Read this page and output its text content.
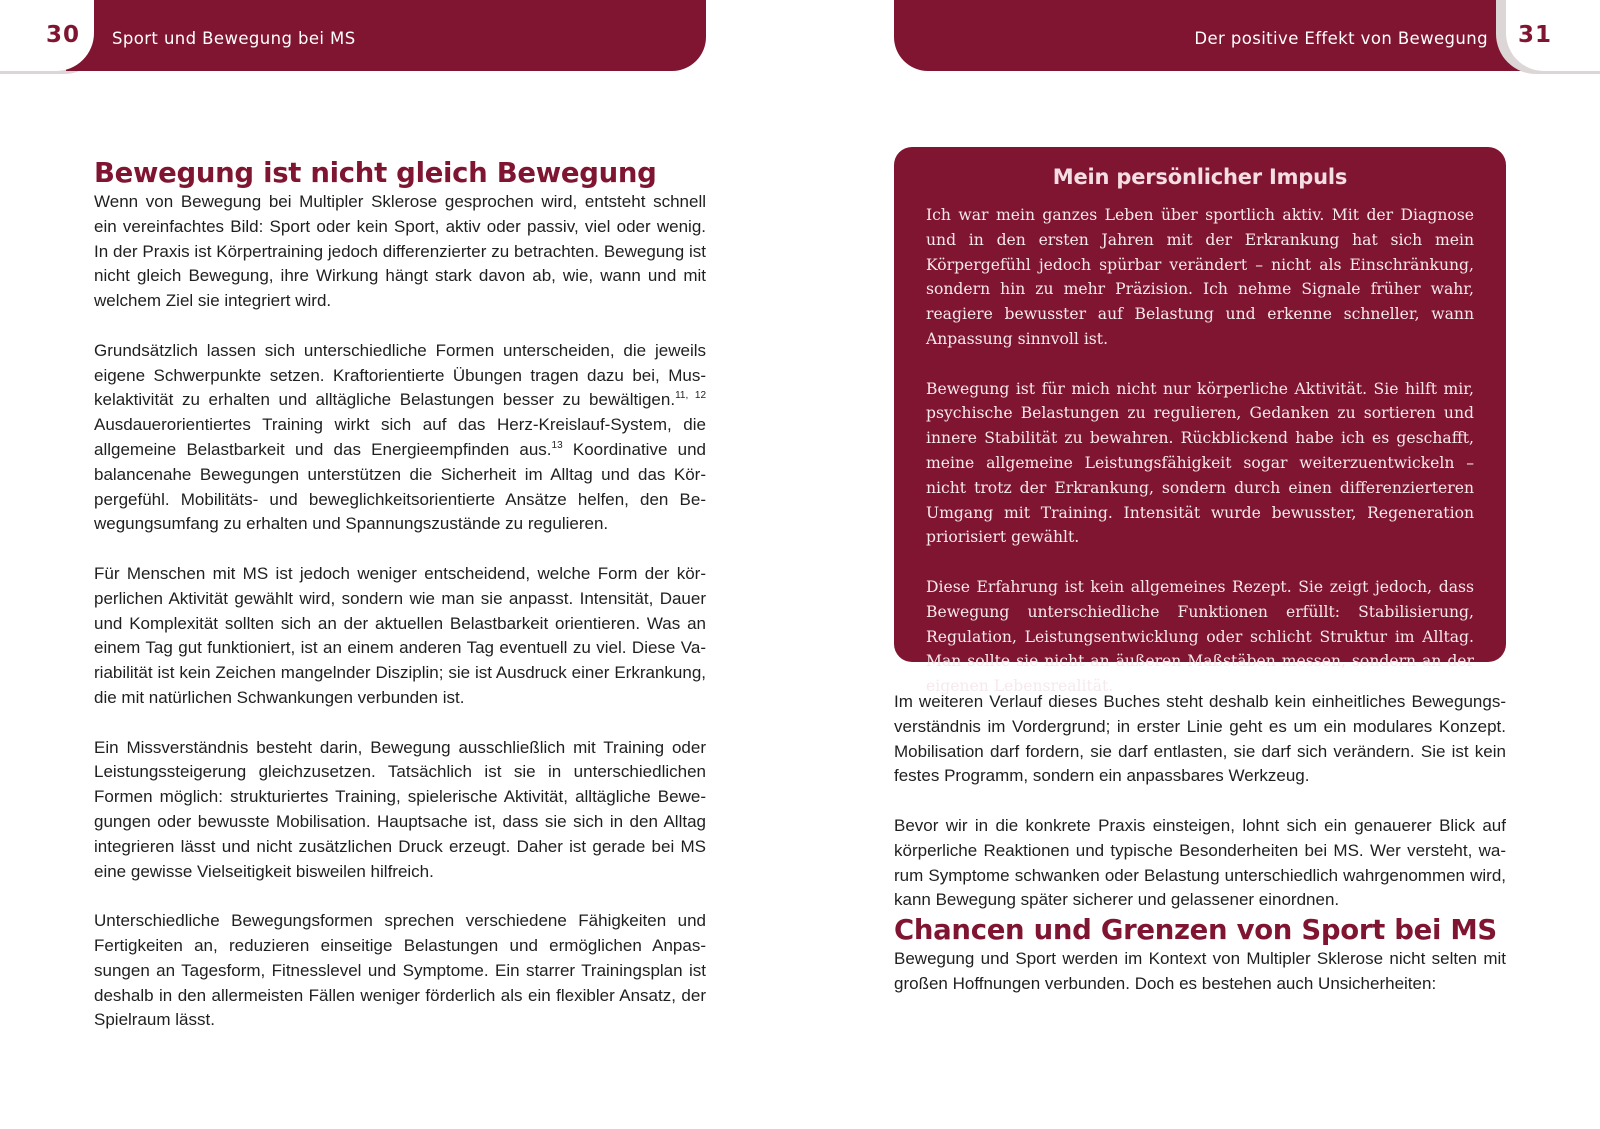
30 Sport und Bewegung bei MS
Bewegung ist nicht gleich Bewegung

Wenn von Bewegung bei Multipler Sklerose gesprochen wird, entsteht schnell ein vereinfachtes Bild: Sport oder kein Sport, aktiv oder passiv, viel oder wenig. In der Praxis ist Körpertraining jedoch differenzierter zu betrachten. Bewegung ist nicht gleich Bewegung, ihre Wirkung hängt stark davon ab, wie, wann und mit welchem Ziel sie integriert wird.

Grundsätzlich lassen sich unterschiedliche Formen unterscheiden, die jeweils eigene Schwerpunkte setzen. Kraftorientierte Übungen tragen dazu bei, Muskelaktivität zu erhalten und alltägliche Belastungen besser zu bewältigen.$^{11, 12}$ Ausdauerorientiertes Training wirkt sich auf das Herz-Kreislauf-System, die allgemeine Belastbarkeit und das Energieempfinden aus.$^{13}$ Koordinative und balancenahe Bewegungen unterstützen die Sicherheit im Alltag und das Körpergefühl. Mobilitäts- und beweglichkeitsorientierte Ansätze helfen, den Bewegungsumfang zu erhalten und Spannungszustände zu regulieren.

Für Menschen mit MS ist jedoch weniger entscheidend, welche Form der körperlichen Aktivität gewählt wird, sondern wie man sie anpasst. Intensität, Dauer und Komplexität sollten sich an der aktuellen Belastbarkeit orientieren. Was an einem Tag gut funktioniert, ist an einem anderen Tag eventuell zu viel. Diese Variabilität ist kein Zeichen mangelnder Disziplin; sie ist Ausdruck einer Erkrankung, die mit natürlichen Schwankungen verbunden ist.

Ein Missverständnis besteht darin, Bewegung ausschließlich mit Training oder Leistungssteigerung gleichzusetzen. Tatsächlich ist sie in unterschiedlichen Formen möglich: strukturiertes Training, spielerische Aktivität, alltägliche Bewegungen oder bewusste Mobilisation. Hauptsache ist, dass sie sich in den Alltag integrieren lässt und nicht zusätzlichen Druck erzeugt. Daher ist gerade bei MS eine gewisse Vielseitigkeit bisweilen hilfreich.

Unterschiedliche Bewegungsformen sprechen verschiedene Fähigkeiten und Fertigkeiten an, reduzieren einseitige Belastungen und ermöglichen Anpassungen an Tagesform, Fitnesslevel und Symptome. Ein starrer Trainingsplan ist deshalb in den allermeisten Fällen weniger förderlich als ein flexibler Ansatz, der Spielraum lässt.

Der positive Effekt von Bewegung 31
Mein persönlicher Impuls

Ich war mein ganzes Leben über sportlich aktiv. Mit der Diagnose und in den ersten Jahren mit der Erkrankung hat sich mein Körpergefühl jedoch spürbar verändert – nicht als Einschränkung, sondern hin zu mehr Präzision. Ich nehme Signale früher wahr, reagiere bewusster auf Belastung und erkenne schneller, wann Anpassung sinnvoll ist.

Bewegung ist für mich nicht nur körperliche Aktivität. Sie hilft mir, psychische Belastungen zu regulieren, Gedanken zu sortieren und innere Stabilität zu bewahren. Rückblickend habe ich es geschafft, meine allgemeine Leistungsfähigkeit sogar weiterzuentwickeln – nicht trotz der Erkrankung, sondern durch einen differenzierteren Umgang mit Training. Intensität wurde bewusster, Regeneration priorisiert gewählt.

Diese Erfahrung ist kein allgemeines Rezept. Sie zeigt jedoch, dass Bewegung unterschiedliche Funktionen erfüllt: Stabilisierung, Regulation, Leistungsentwicklung oder schlicht Struktur im Alltag. Man sollte sie nicht an äußeren Maßstäben messen, sondern an der eigenen Lebensrealität.

Im weiteren Verlauf dieses Buches steht deshalb kein einheitliches Bewegungsverständnis im Vordergrund; in erster Linie geht es um ein modulares Konzept. Mobilisation darf fordern, sie darf entlasten, sie darf sich verändern. Sie ist kein festes Programm, sondern ein anpassbares Werkzeug.

Bevor wir in die konkrete Praxis einsteigen, lohnt sich ein genauerer Blick auf körperliche Reaktionen und typische Besonderheiten bei MS. Wer versteht, warum Symptome schwanken oder Belastung unterschiedlich wahrgenommen wird, kann Bewegung später sicherer und gelassener einordnen.

Chancen und Grenzen von Sport bei MS

Bewegung und Sport werden im Kontext von Multipler Sklerose nicht selten mit großen Hoffnungen verbunden. Doch es bestehen auch Unsicherheiten:
